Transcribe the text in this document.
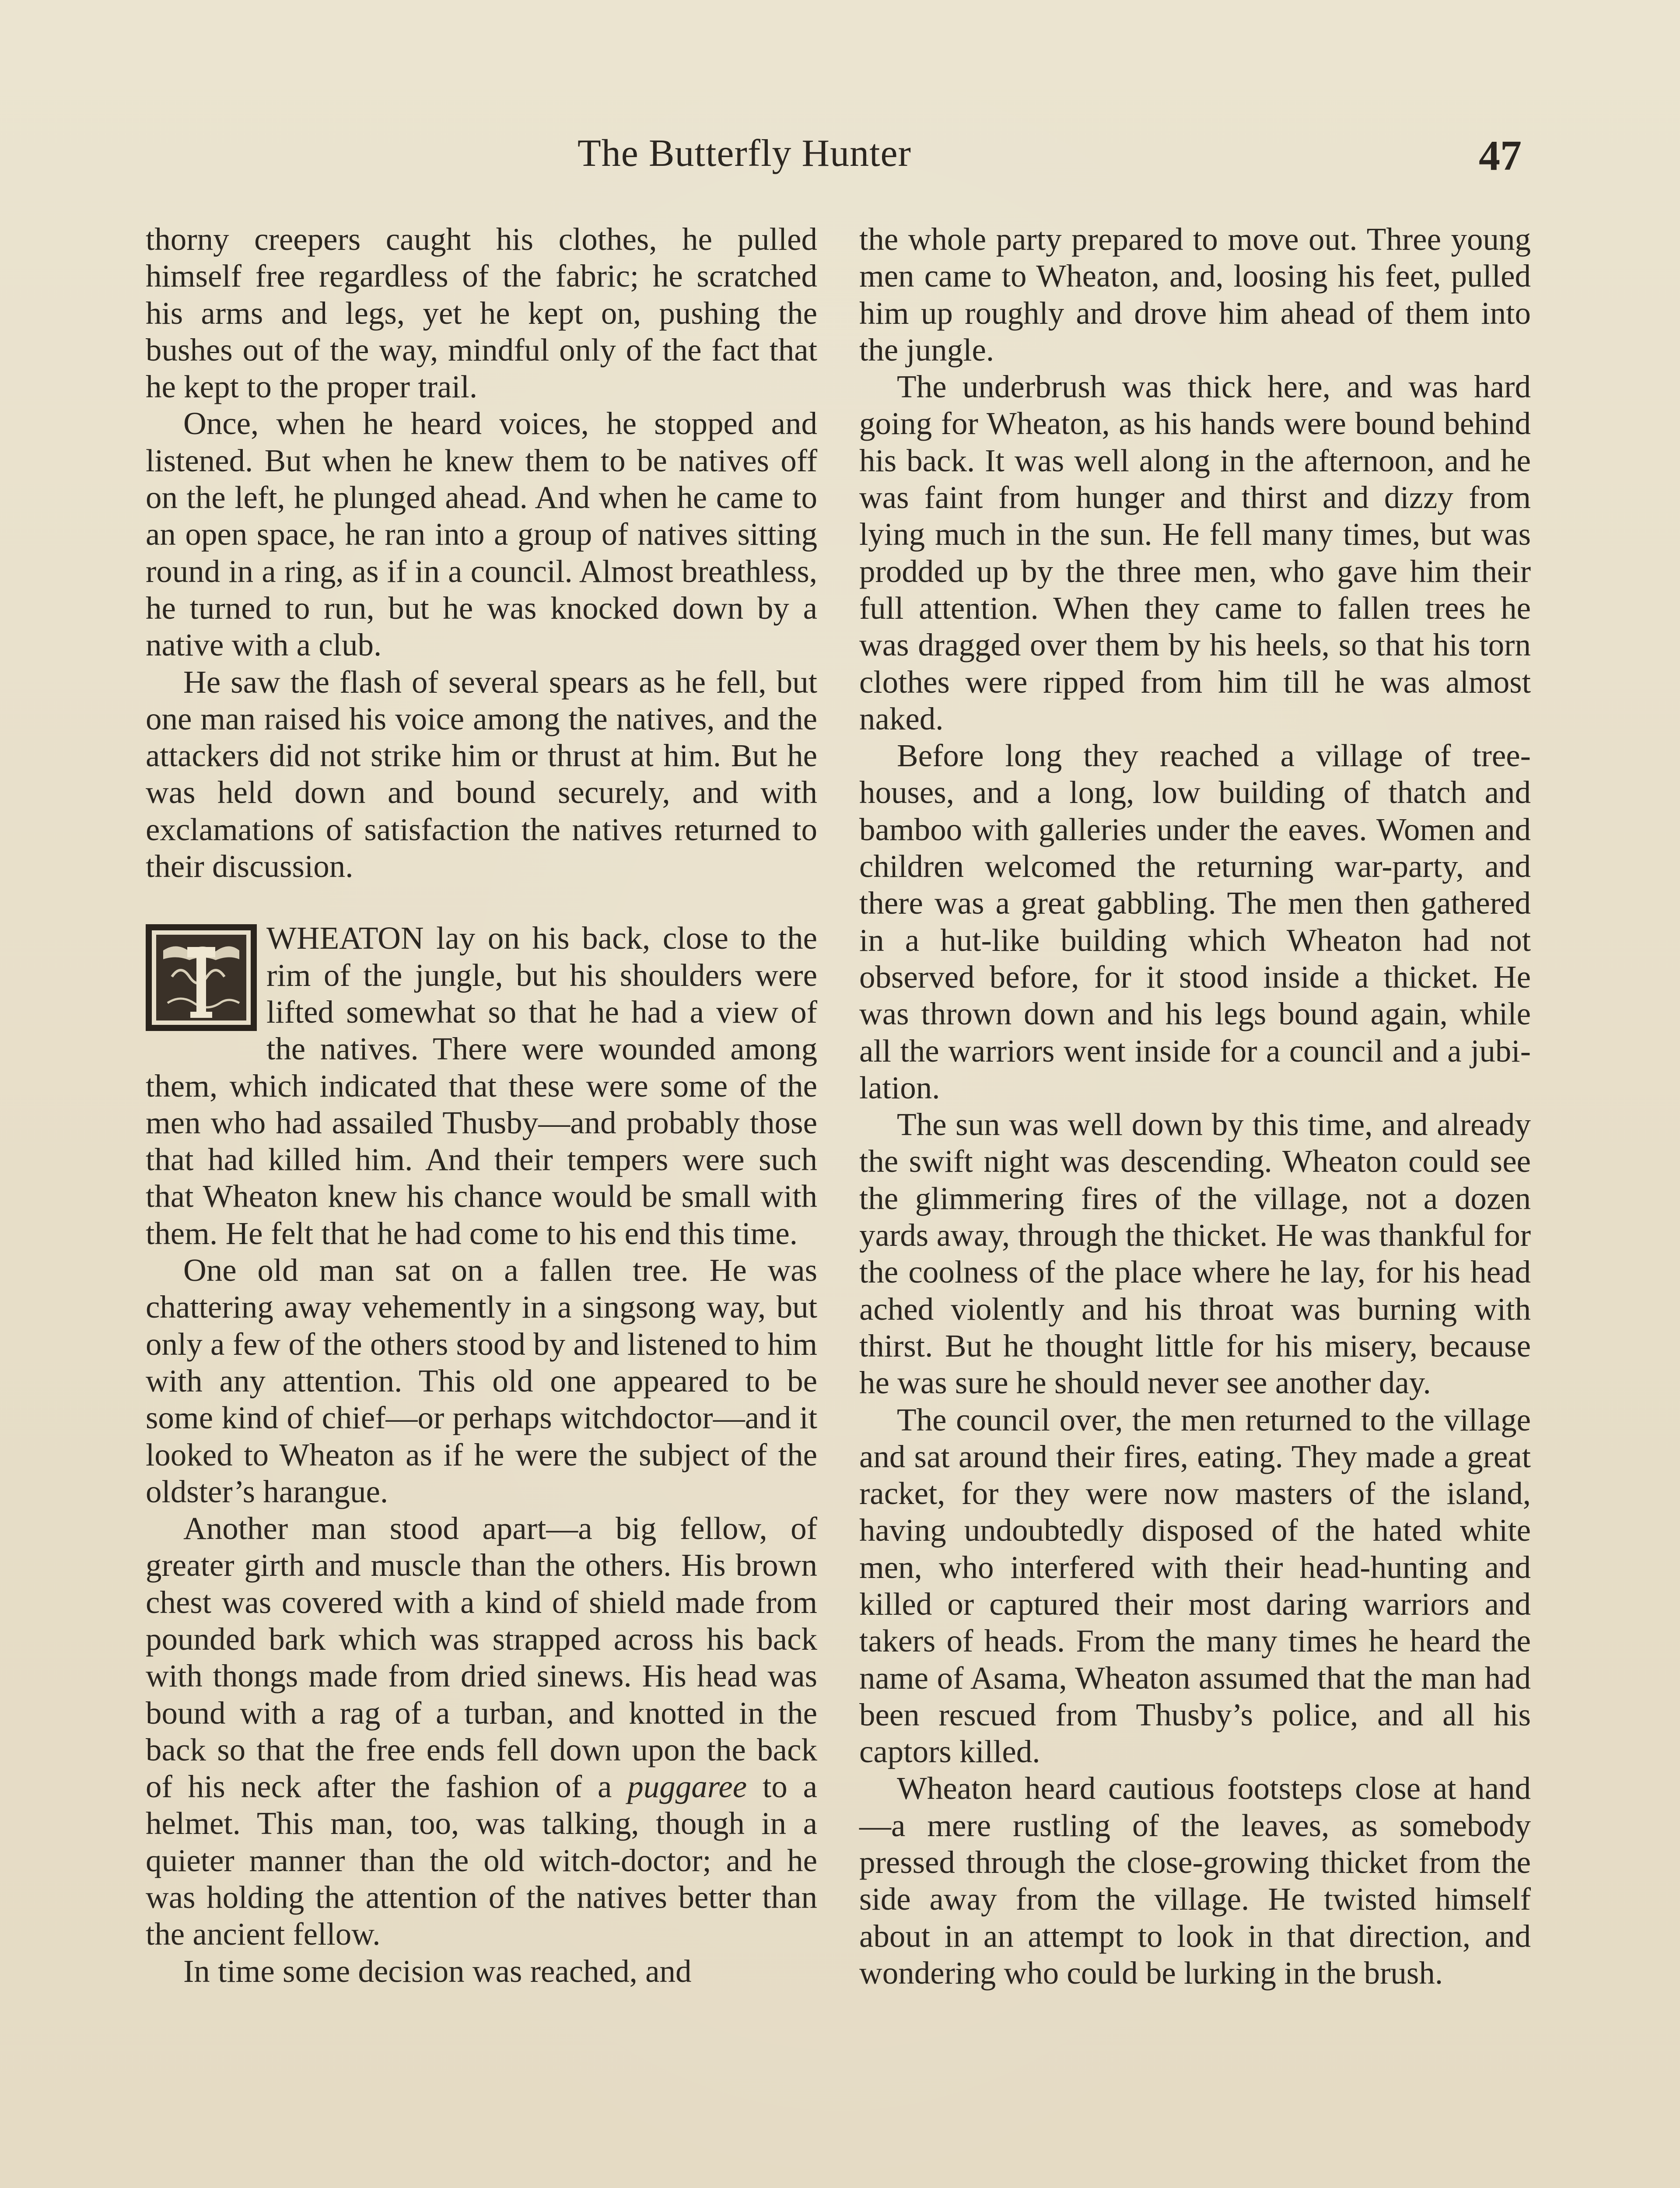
The Butterfly Hunter	47

thorny creepers caught his clothes, he pulled himself free regardless of the fabric; he scratched his arms and legs, yet he kept on, pushing the bushes out of the way, mindful only of the fact that he kept to the proper trail.

Once, when he heard voices, he stopped and listened. But when he knew them to be natives off on the left, he plunged ahead. And when he came to an open space, he ran into a group of natives sitting round in a ring, as if in a council. Almost breathless, he turned to run, but he was knocked down by a native with a club.

He saw the flash of several spears as he fell, but one man raised his voice among the natives, and the attackers did not strike him or thrust at him. But he was held down and bound securely, and with exclamations of satisfaction the natives returned to their discussion.

WHEATON lay on his back, close to the rim of the jungle, but his shoulders were lifted somewhat so that he had a view of the natives. There were wounded among them, which indicated that these were some of the men who had assailed Thusby—and probably those that had killed him. And their tempers were such that Wheaton knew his chance would be small with them. He felt that he had come to his end this time.

One old man sat on a fallen tree. He was chattering away vehemently in a singsong way, but only a few of the others stood by and listened to him with any attention. This old one appeared to be some kind of chief—or perhaps witchdoctor—and it looked to Wheaton as if he were the subject of the oldster’s harangue.

Another man stood apart—a big fellow, of greater girth and muscle than the others. His brown chest was covered with a kind of shield made from pounded bark which was strapped across his back with thongs made from dried sinews. His head was bound with a rag of a turban, and knotted in the back so that the free ends fell down upon the back of his neck after the fashion of a puggaree to a helmet. This man, too, was talking, though in a quieter manner than the old witch-doctor; and he was holding the attention of the natives better than the ancient fellow.

In time some decision was reached, and

the whole party prepared to move out. Three young men came to Wheaton, and, loosing his feet, pulled him up roughly and drove him ahead of them into the jungle.

The underbrush was thick here, and was hard going for Wheaton, as his hands were bound behind his back. It was well along in the afternoon, and he was faint from hunger and thirst and dizzy from lying much in the sun. He fell many times, but was prodded up by the three men, who gave him their full attention. When they came to fallen trees he was dragged over them by his heels, so that his torn clothes were ripped from him till he was almost naked.

Before long they reached a village of tree-houses, and a long, low building of thatch and bamboo with galleries under the eaves. Women and children welcomed the returning war-party, and there was a great gabbling. The men then gathered in a hut-like building which Wheaton had not observed before, for it stood inside a thicket. He was thrown down and his legs bound again, while all the warriors went inside for a council and a jubilation.

The sun was well down by this time, and already the swift night was descending. Wheaton could see the glimmering fires of the village, not a dozen yards away, through the thicket. He was thankful for the coolness of the place where he lay, for his head ached violently and his throat was burning with thirst. But he thought little for his misery, because he was sure he should never see another day.

The council over, the men returned to the village and sat around their fires, eating. They made a great racket, for they were now masters of the island, having undoubtedly disposed of the hated white men, who interfered with their head-hunting and killed or captured their most daring warriors and takers of heads. From the many times he heard the name of Asama, Wheaton assumed that the man had been rescued from Thusby’s police, and all his captors killed.

Wheaton heard cautious footsteps close at hand—a mere rustling of the leaves, as somebody pressed through the close-growing thicket from the side away from the village. He twisted himself about in an attempt to look in that direction, and wondering who could be lurking in the brush.
